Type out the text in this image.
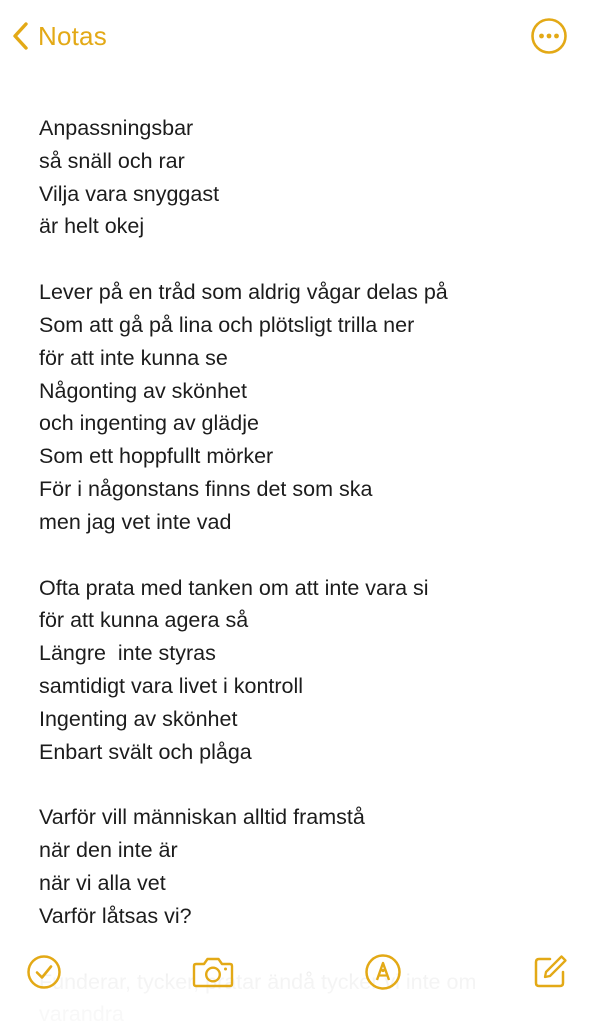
Notas
Anpassningsbar
så snäll och rar
Vilja vara snyggast
är helt okej
Lever på en tråd som aldrig vågar delas på
Som att gå på lina och plötsligt trilla ner
för att inte kunna se
Någonting av skönhet
och ingenting av glädje
Som ett hoppfullt mörker
För i någonstans finns det som ska
men jag vet inte vad
Ofta prata med tanken om att inte vara si
för att kunna agera så
Längre  inte styras
samtidigt vara livet i kontroll
Ingenting av skönhet
Enbart svält och plåga
Varför vill människan alltid framstå
när den inte är
när vi alla vet
Varför låtsas vi?
